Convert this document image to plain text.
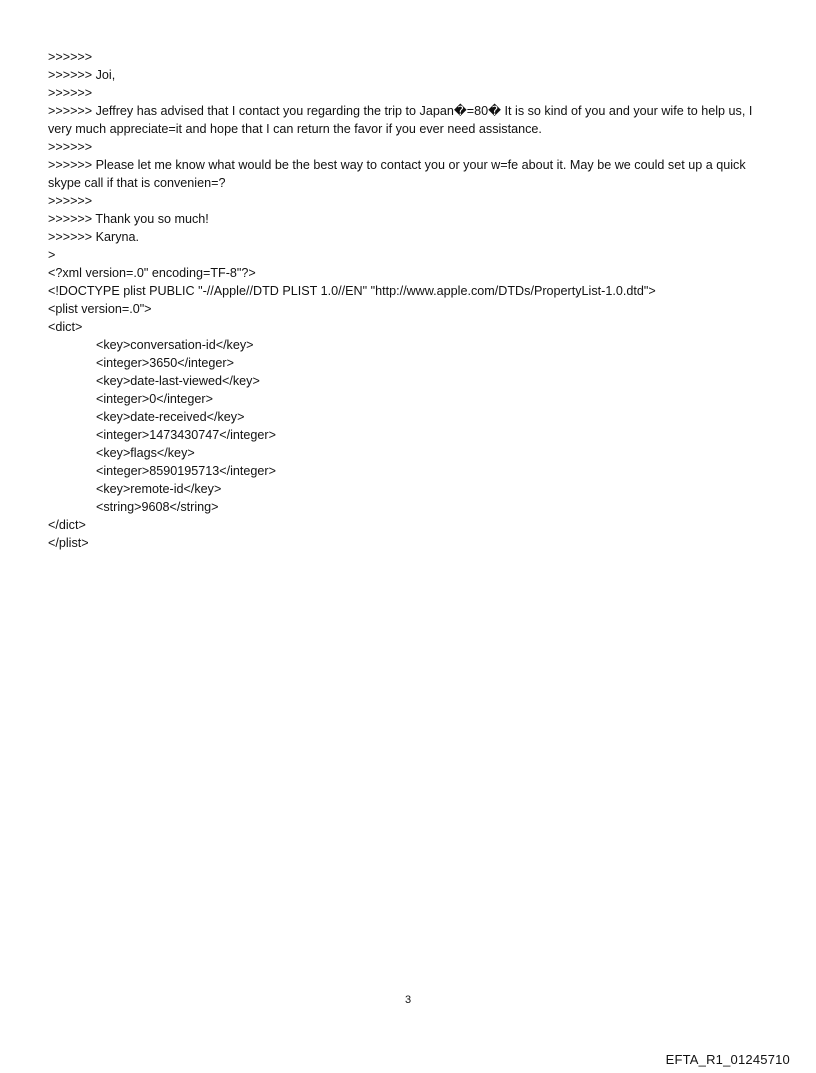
>>>>>>

>>>>>> Joi,

>>>>>>

>>>>>> Jeffrey has advised that I contact you regarding the trip to Japan�=80� It is so kind of you and your wife to help us, I very much appreciate=it and hope that I can return the favor if you ever need assistance.

>>>>>>

>>>>>> Please let me know what would be the best way to contact you or your w=fe about it. May be we could set up a quick skype call if that is convenien=?

>>>>>>

>>>>>> Thank you so much!

>>>>>> Karyna.

>

<?xml version=.0" encoding=TF-8"?>

<!DOCTYPE plist PUBLIC "-//Apple//DTD PLIST 1.0//EN" "http://www.apple.com/DTDs/PropertyList-1.0.dtd">

<plist version=.0">

<dict>

<key>conversation-id</key>

<integer>3650</integer>

<key>date-last-viewed</key>

<integer>0</integer>

<key>date-received</key>

<integer>1473430747</integer>

<key>flags</key>

<integer>8590195713</integer>

<key>remote-id</key>

<string>9608</string>

</dict>

</plist>

3
EFTA_R1_01245710
